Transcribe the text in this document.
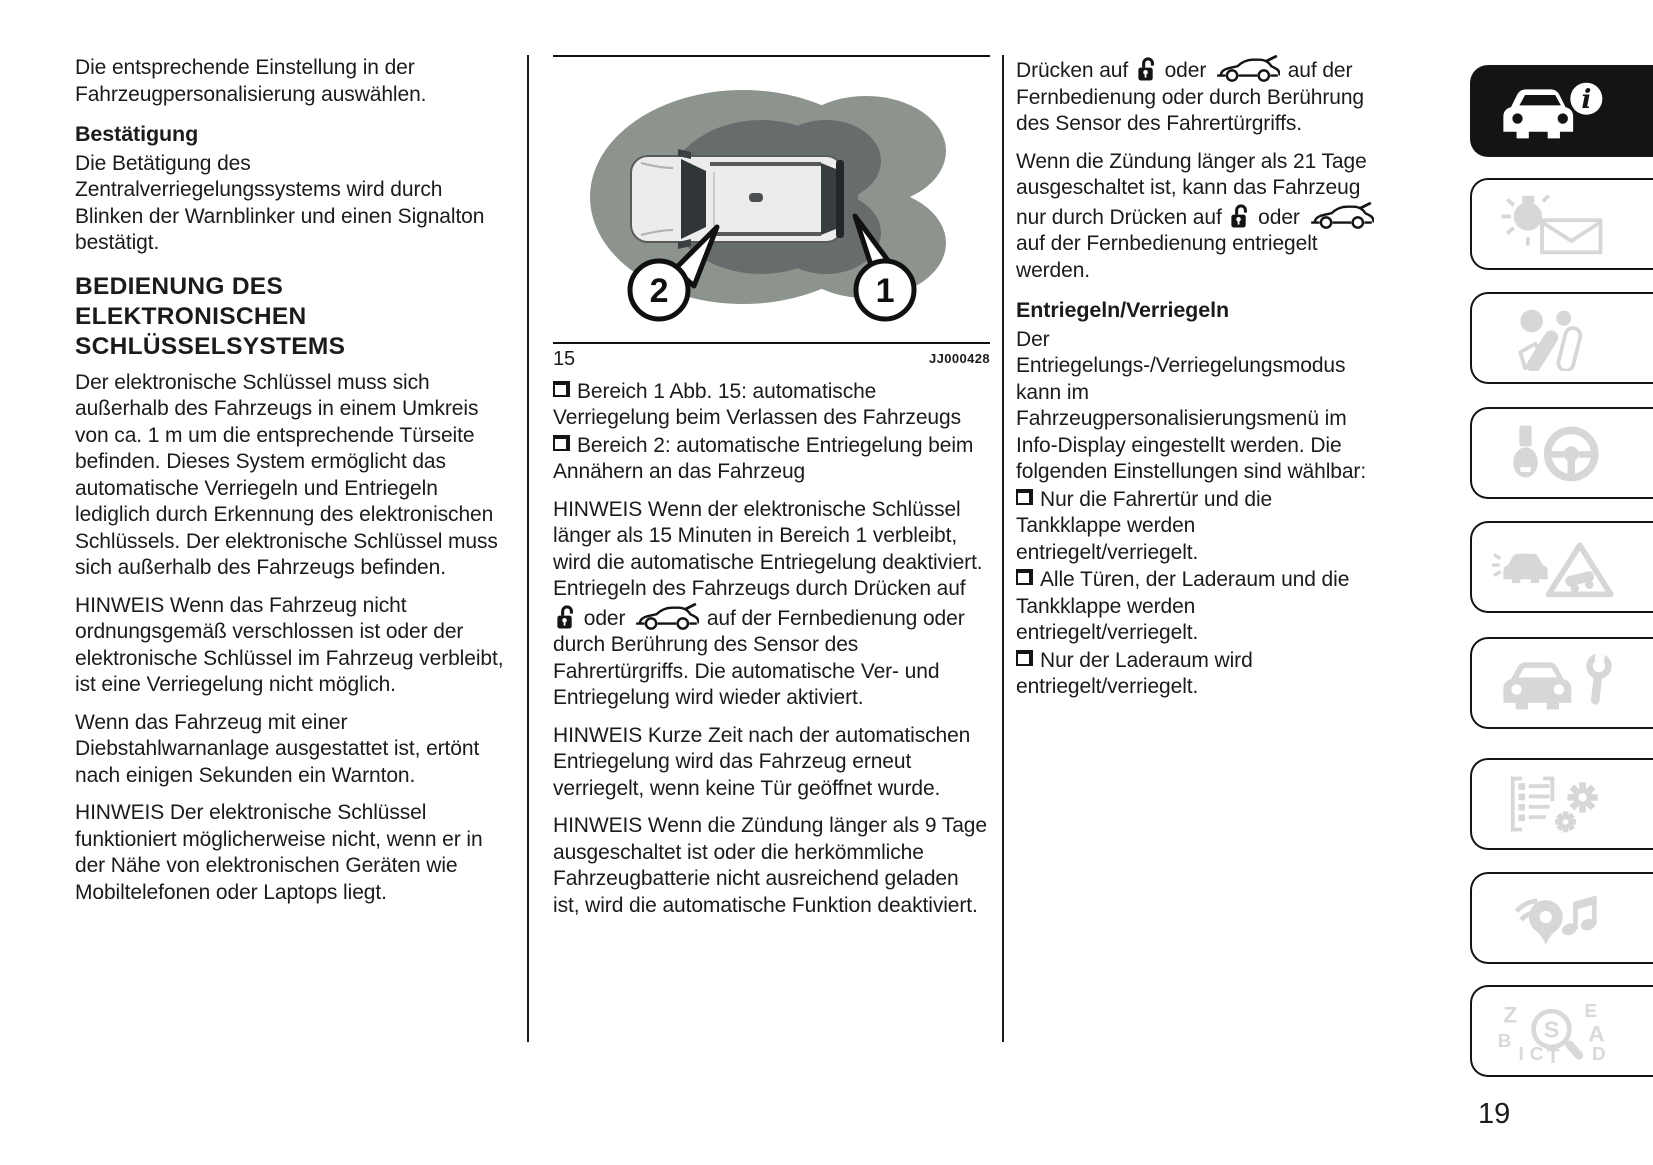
Die entsprechende Einstellung in der Fahrzeugpersonalisierung auswählen.

Bestätigung

Die Betätigung des Zentralverriegelungssystems wird durch Blinken der Warnblinker und einen Signalton bestätigt.

BEDIENUNG DES ELEKTRONISCHEN SCHLÜSSELSYSTEMS

Der elektronische Schlüssel muss sich außerhalb des Fahrzeugs in einem Umkreis von ca. 1 m um die entsprechende Türseite befinden. Dieses System ermöglicht das automatische Verriegeln und Entriegeln lediglich durch Erkennung des elektronischen Schlüssels. Der elektronische Schlüssel muss sich außerhalb des Fahrzeugs befinden.

HINWEIS Wenn das Fahrzeug nicht ordnungsgemäß verschlossen ist oder der elektronische Schlüssel im Fahrzeug verbleibt, ist eine Verriegelung nicht möglich.

Wenn das Fahrzeug mit einer Diebstahlwarnanlage ausgestattet ist, ertönt nach einigen Sekunden ein Warnton.

HINWEIS Der elektronische Schlüssel funktioniert möglicherweise nicht, wenn er in der Nähe von elektronischen Geräten wie Mobiltelefonen oder Laptops liegt.

2	1
15	JJ000428

Bereich 1 Abb. 15: automatische Verriegelung beim Verlassen des Fahrzeugs

Bereich 2: automatische Entriegelung beim Annähern an das Fahrzeug

HINWEIS Wenn der elektronische Schlüssel länger als 15 Minuten in Bereich 1 verbleibt, wird die automatische Entriegelung deaktiviert. Entriegeln des Fahrzeugs durch Drücken auf  oder	auf der Fernbedienung oder durch Berührung des Sensor des Fahrertürgriffs. Die automatische Ver- und Entriegelung wird wieder aktiviert.

HINWEIS Kurze Zeit nach der automatischen Entriegelung wird das Fahrzeug erneut verriegelt, wenn keine Tür geöffnet wurde.

HINWEIS Wenn die Zündung länger als 9 Tage ausgeschaltet ist oder die herkömmliche Fahrzeugbatterie nicht ausreichend geladen ist, wird die automatische Funktion deaktiviert.

Drücken auf  oder	auf der Fernbedienung oder durch Berührung des Sensor des Fahrertürgriffs.

Wenn die Zündung länger als 21 Tage ausgeschaltet ist, kann das Fahrzeug nur durch Drücken auf  oder auf der Fernbedienung entriegelt werden.

Entriegeln/Verriegeln

Der Entriegelungs-/Verriegelungsmodus kann im Fahrzeugpersonalisierungsmenü im Info-Display eingestellt werden. Die folgenden Einstellungen sind wählbar:

Nur die Fahrertür und die Tankklappe werden entriegelt/verriegelt.

Alle Türen, der Laderaum und die Tankklappe werden entriegelt/verriegelt.

Nur der Laderaum wird entriegelt/verriegelt.

i
Z	E
B	A
I C T D
S
19
